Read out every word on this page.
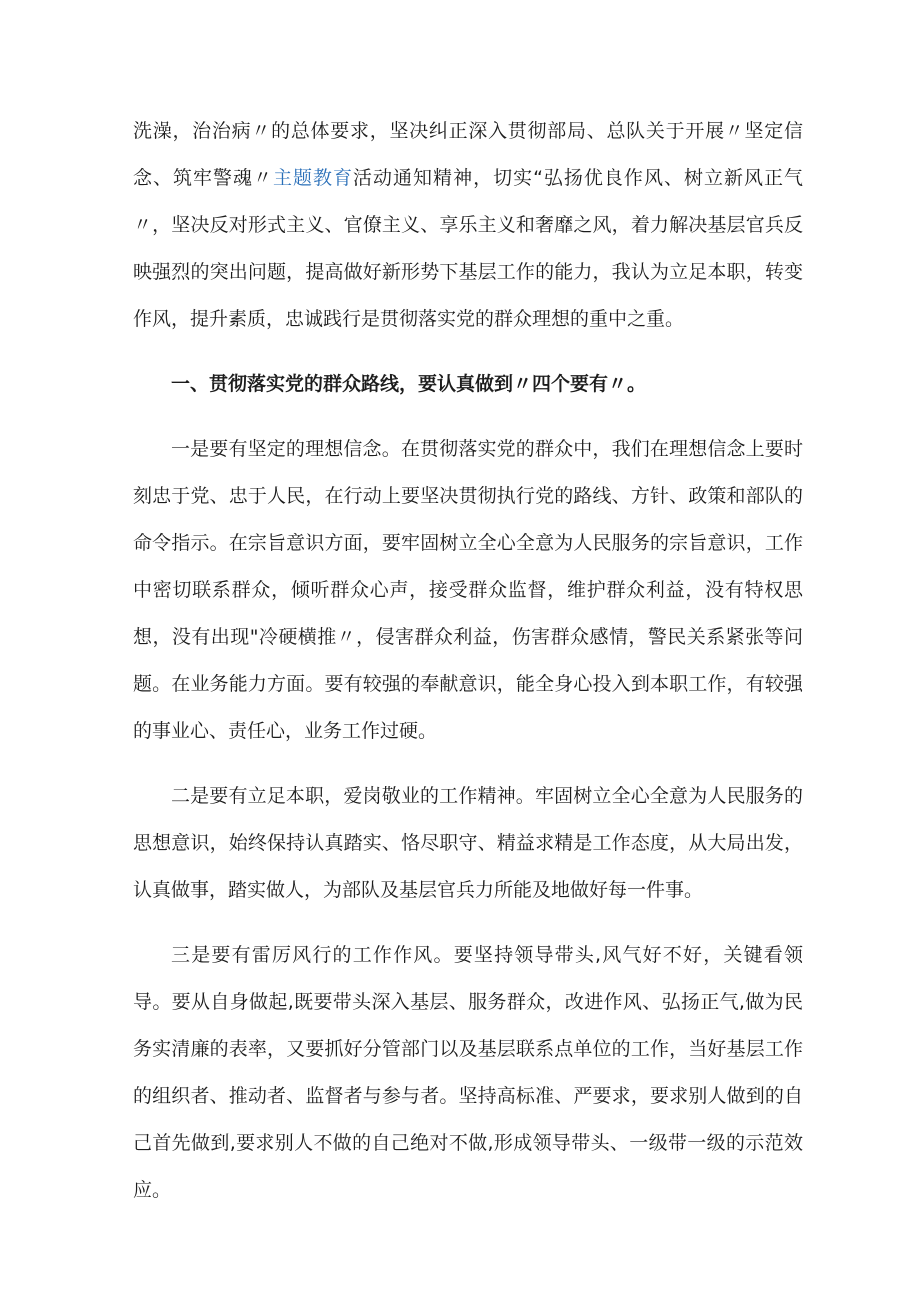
洗澡，治治病〃的总体要求，坚决纠正深入贯彻部局、总队关于开展〃坚定信念、筑牢警魂〃主题教育活动通知精神，切实“弘扬优良作风、树立新风正气〃，坚决反对形式主义、官僚主义、享乐主义和奢靡之风，着力解决基层官兵反映强烈的突出问题，提高做好新形势下基层工作的能力，我认为立足本职，转变作风，提升素质，忠诚践行是贯彻落实党的群众理想的重中之重。

一、贯彻落实党的群众路线，要认真做到〃四个要有〃。

一是要有坚定的理想信念。在贯彻落实党的群众中，我们在理想信念上要时刻忠于党、忠于人民，在行动上要坚决贯彻执行党的路线、方针、政策和部队的命令指示。在宗旨意识方面，要牢固树立全心全意为人民服务的宗旨意识，工作中密切联系群众，倾听群众心声，接受群众监督，维护群众利益，没有特权思想，没有出现"冷硬横推〃，侵害群众利益，伤害群众感情，警民关系紧张等问题。在业务能力方面。要有较强的奉献意识，能全身心投入到本职工作，有较强的事业心、责任心，业务工作过硬。

二是要有立足本职，爱岗敬业的工作精神。牢固树立全心全意为人民服务的思想意识，始终保持认真踏实、恪尽职守、精益求精是工作态度，从大局出发，认真做事，踏实做人，为部队及基层官兵力所能及地做好每一件事。

三是要有雷厉风行的工作作风。要坚持领导带头,风气好不好，关键看领导。要从自身做起,既要带头深入基层、服务群众，改进作风、弘扬正气,做为民务实清廉的表率，又要抓好分管部门以及基层联系点单位的工作，当好基层工作的组织者、推动者、监督者与参与者。坚持高标准、严要求，要求别人做到的自己首先做到,要求别人不做的自己绝对不做,形成领导带头、一级带一级的示范效应。
